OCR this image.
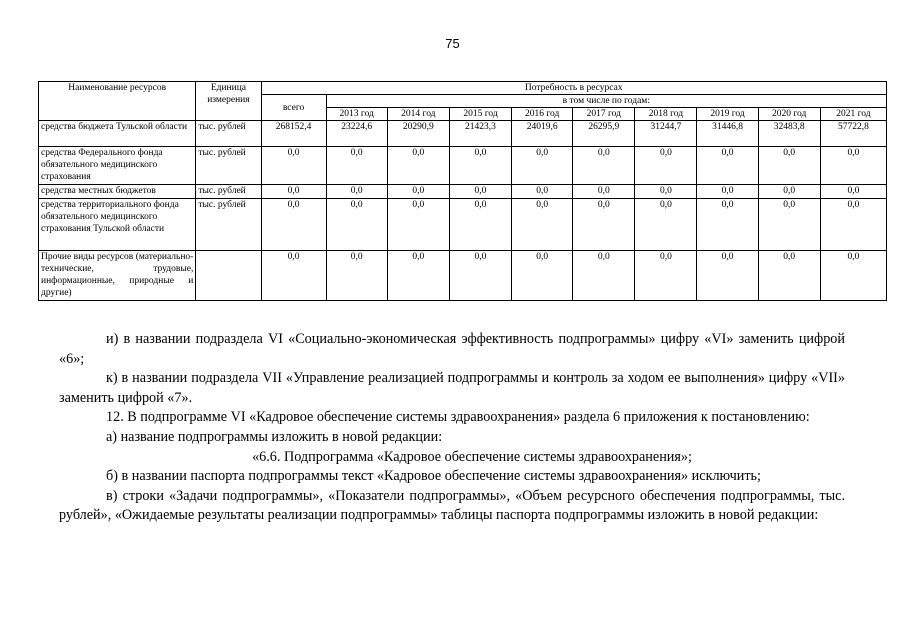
75
Наименование ресурсов	Единица измерения	Потребность в ресурсах									
		всего	в том числе по годам:								
			2013 год	2014 год	2015 год	2016 год	2017 год	2018 год	2019 год	2020 год	2021 год
средства бюджета Тульской области	тыс. рублей	268152,4	23224,6	20290,9	21423,3	24019,6	26295,9	31244,7	31446,8	32483,8	57722,8
средства Федерального фонда обязательного медицинского страхования	тыс. рублей	0,0	0,0	0,0	0,0	0,0	0,0	0,0	0,0	0,0	0,0
средства местных бюджетов	тыс. рублей	0,0	0,0	0,0	0,0	0,0	0,0	0,0	0,0	0,0	0,0
средства территориального фонда обязательного медицинского страхования Тульской области	тыс. рублей	0,0	0,0	0,0	0,0	0,0	0,0	0,0	0,0	0,0	0,0
Прочие виды ресурсов (материально-технические, трудовые, информационные, природные и другие)		0,0	0,0	0,0	0,0	0,0	0,0	0,0	0,0	0,0	0,0

и) в названии подраздела VI «Социально-экономическая эффективность подпрограммы» цифру «VI» заменить цифрой «6»;

к) в названии подраздела VII «Управление реализацией подпрограммы и контроль за ходом ее выполнения» цифру «VII» заменить цифрой «7».

12. В подпрограмме VI «Кадровое обеспечение системы здравоохранения» раздела 6 приложения к постановлению:

а) название подпрограммы изложить в новой редакции:

«6.6. Подпрограмма «Кадровое обеспечение системы здравоохранения»;

б) в названии паспорта подпрограммы текст «Кадровое обеспечение системы здравоохранения» исключить;

в) строки «Задачи подпрограммы», «Показатели подпрограммы», «Объем ресурсного обеспечения подпрограммы, тыс. рублей», «Ожидаемые результаты реализации подпрограммы» таблицы паспорта подпрограммы изложить в новой редакции:
